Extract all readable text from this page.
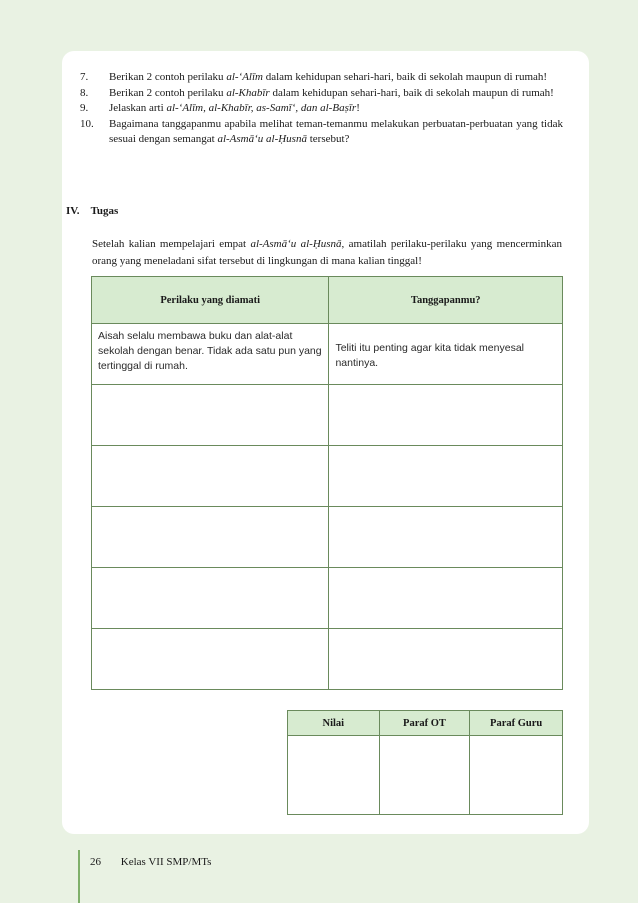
7.	Berikan 2 contoh perilaku al-‘Alīm dalam kehidupan sehari-hari, baik di sekolah maupun di rumah!
8.	Berikan 2 contoh perilaku al-Khabīr dalam kehidupan sehari-hari, baik di sekolah maupun di rumah!
9.	Jelaskan arti al-‘Alīm, al-Khabīr, as-Samī‘, dan al-Baṣīr!
10.	Bagaimana tanggapanmu apabila melihat teman-temanmu melakukan perbuatan-perbuatan yang tidak sesuai dengan semangat al-Asmā‘u al-Ḥusnā tersebut?
IV. Tugas
Setelah kalian mempelajari empat al-Asmā‘u al-Ḥusnā, amatilah perilaku-perilaku yang mencerminkan orang yang meneladani sifat tersebut di lingkungan di mana kalian tinggal!
Perilaku yang diamati	Tanggapanmu?

Aisah selalu membawa buku dan alat-alat sekolah dengan benar. Tidak ada satu pun yang tertinggal di rumah.	Teliti itu penting agar kita tidak menyesal nantinya.

Nilai	Paraf OT	Paraf Guru

26 Kelas VII SMP/MTs
